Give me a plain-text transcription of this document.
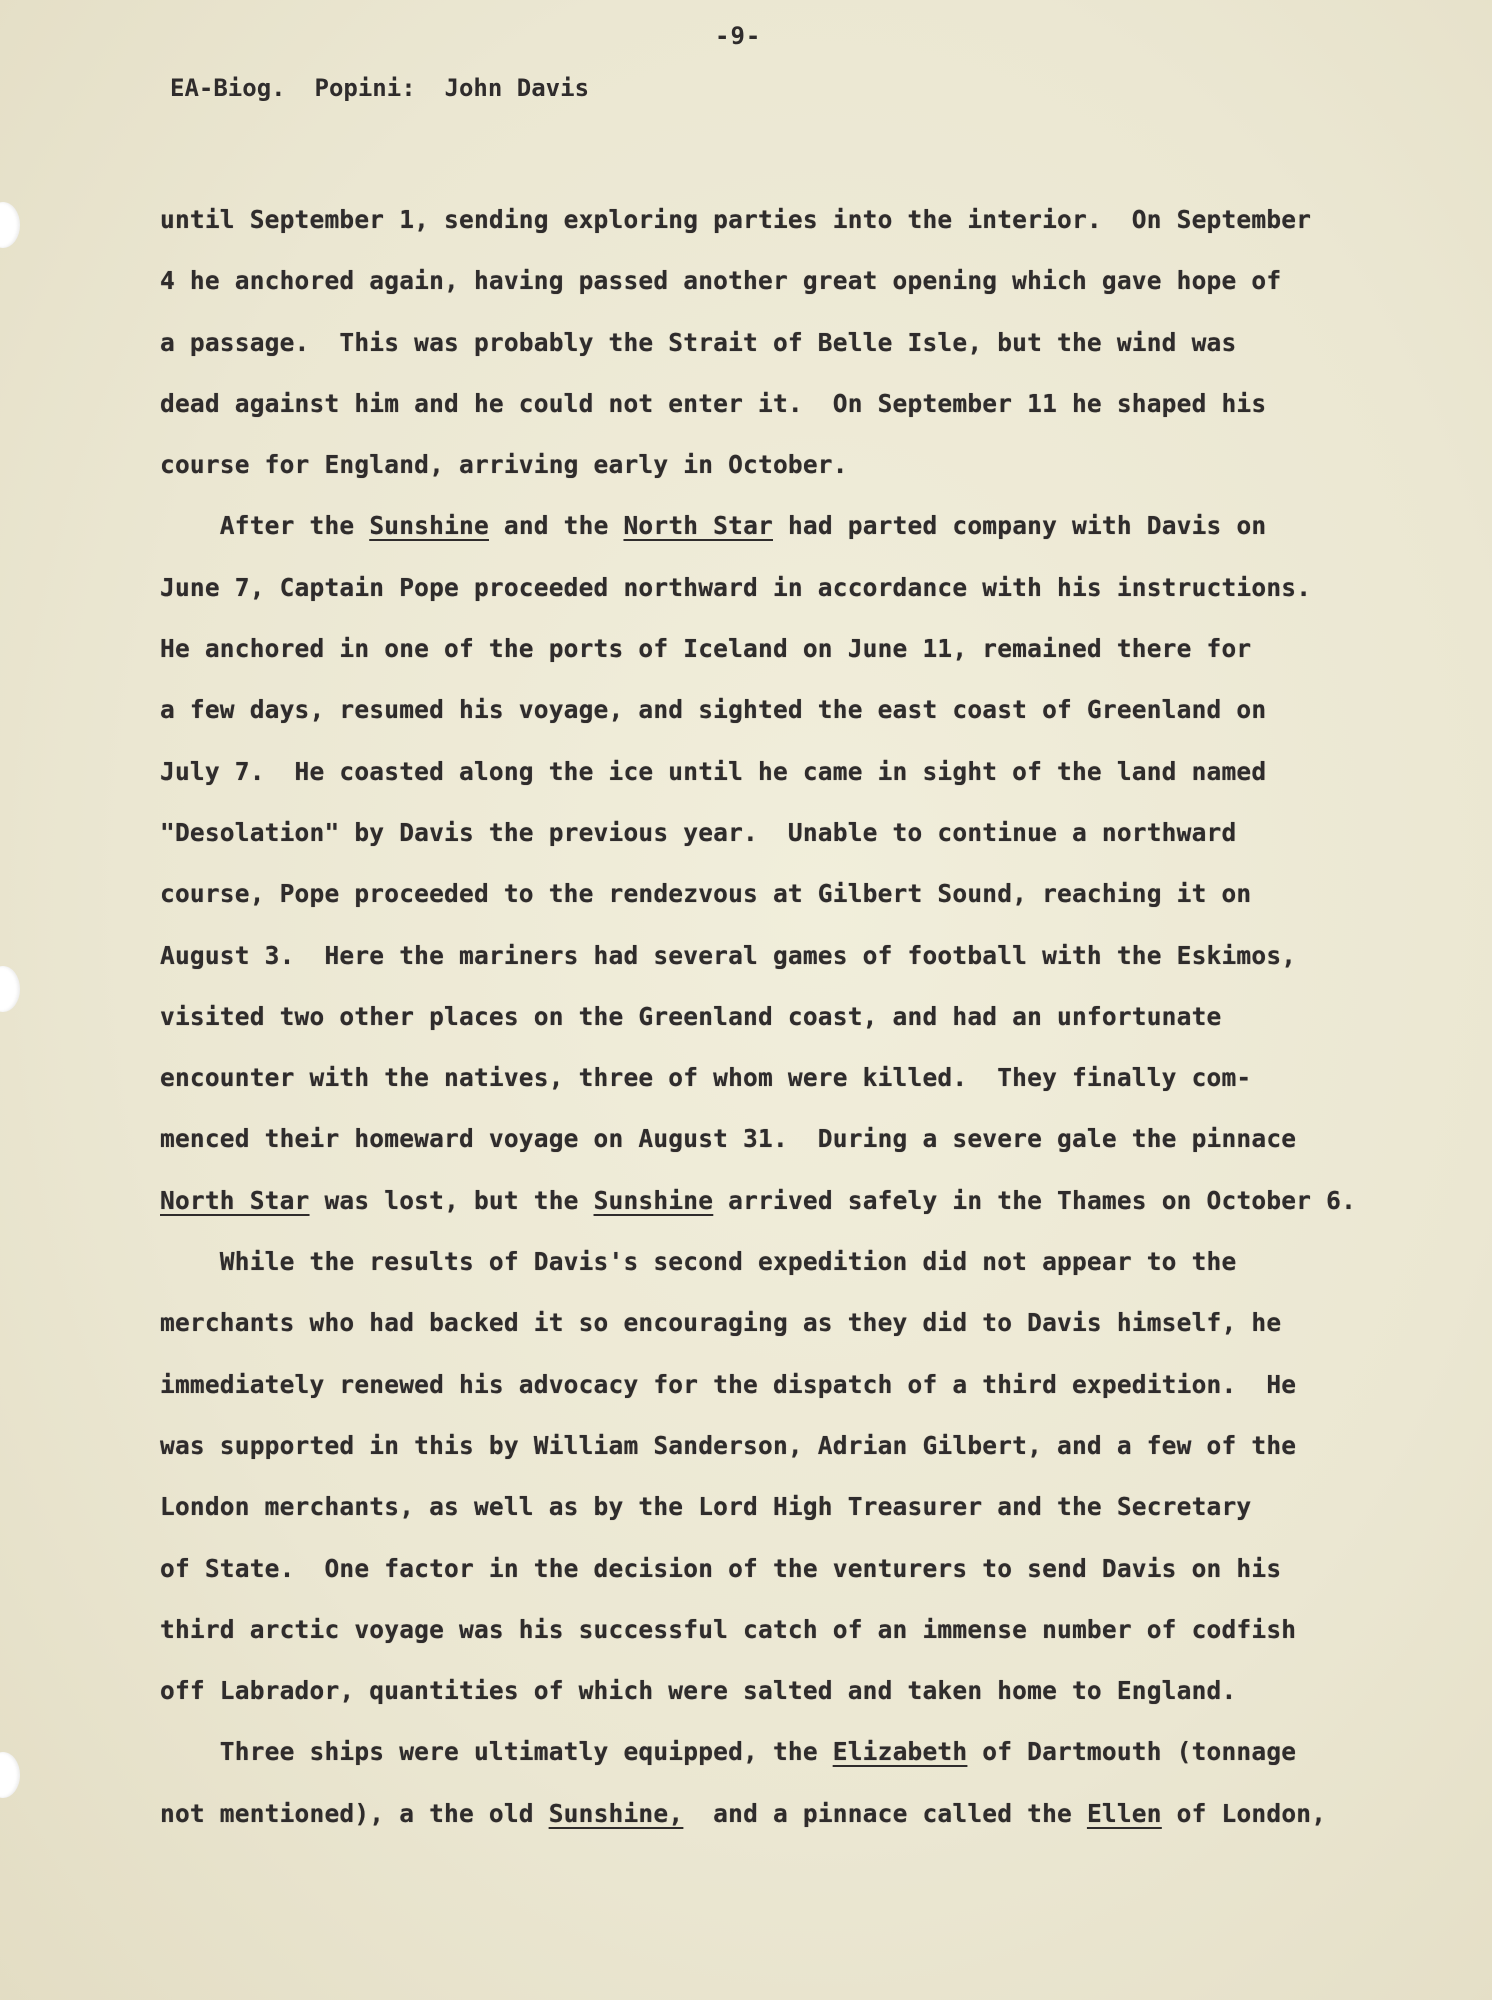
-9-
EA-Biog.  Popini:  John Davis
until September 1, sending exploring parties into the interior.  On September
4 he anchored again, having passed another great opening which gave hope of
a passage.  This was probably the Strait of Belle Isle, but the wind was
dead against him and he could not enter it.  On September 11 he shaped his
course for England, arriving early in October.
After the Sunshine and the North Star had parted company with Davis on
June 7, Captain Pope proceeded northward in accordance with his instructions.
He anchored in one of the ports of Iceland on June 11, remained there for
a few days, resumed his voyage, and sighted the east coast of Greenland on
July 7.  He coasted along the ice until he came in sight of the land named
"Desolation" by Davis the previous year.  Unable to continue a northward
course, Pope proceeded to the rendezvous at Gilbert Sound, reaching it on
August 3.  Here the mariners had several games of football with the Eskimos,
visited two other places on the Greenland coast, and had an unfortunate
encounter with the natives, three of whom were killed.  They finally com-
menced their homeward voyage on August 31.  During a severe gale the pinnace
North Star was lost, but the Sunshine arrived safely in the Thames on October 6.
While the results of Davis's second expedition did not appear to the
merchants who had backed it so encouraging as they did to Davis himself, he
immediately renewed his advocacy for the dispatch of a third expedition.  He
was supported in this by William Sanderson, Adrian Gilbert, and a few of the
London merchants, as well as by the Lord High Treasurer and the Secretary
of State.  One factor in the decision of the venturers to send Davis on his
third arctic voyage was his successful catch of an immense number of codfish
off Labrador, quantities of which were salted and taken home to England.
Three ships were ultimatly equipped, the Elizabeth of Dartmouth (tonnage
not mentioned), a the old Sunshine,  and a pinnace called the Ellen of London,
